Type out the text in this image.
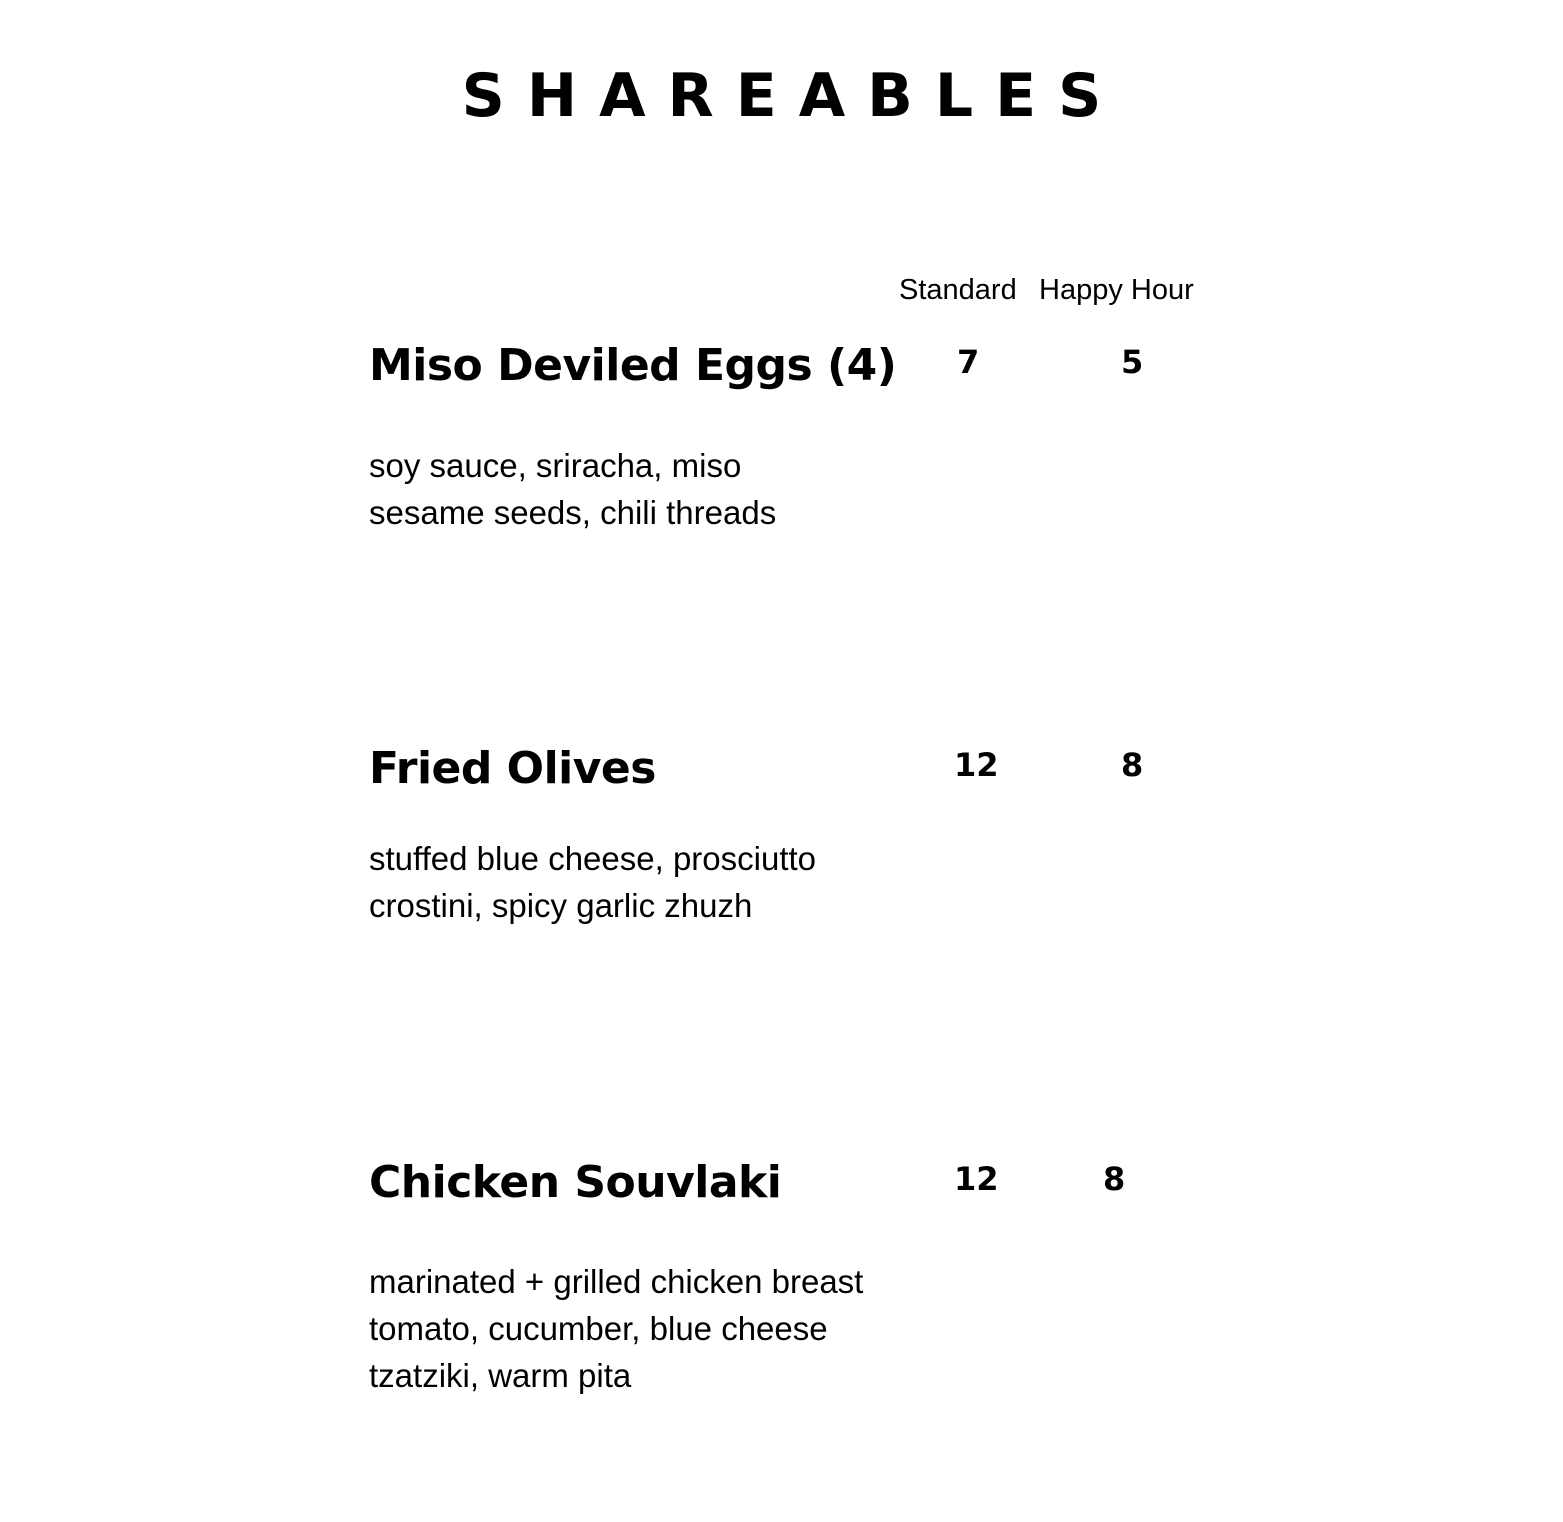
SHAREABLES
Standard Happy Hour
Miso Deviled Eggs (4) 7	5
soy sauce, sriracha, miso
sesame seeds, chili threads
Fried Olives	12	8
stuffed blue cheese, prosciutto
crostini, spicy garlic zhuzh
Chicken Souvlaki	12	8
marinated + grilled chicken breast
tomato, cucumber, blue cheese
tzatziki, warm pita
